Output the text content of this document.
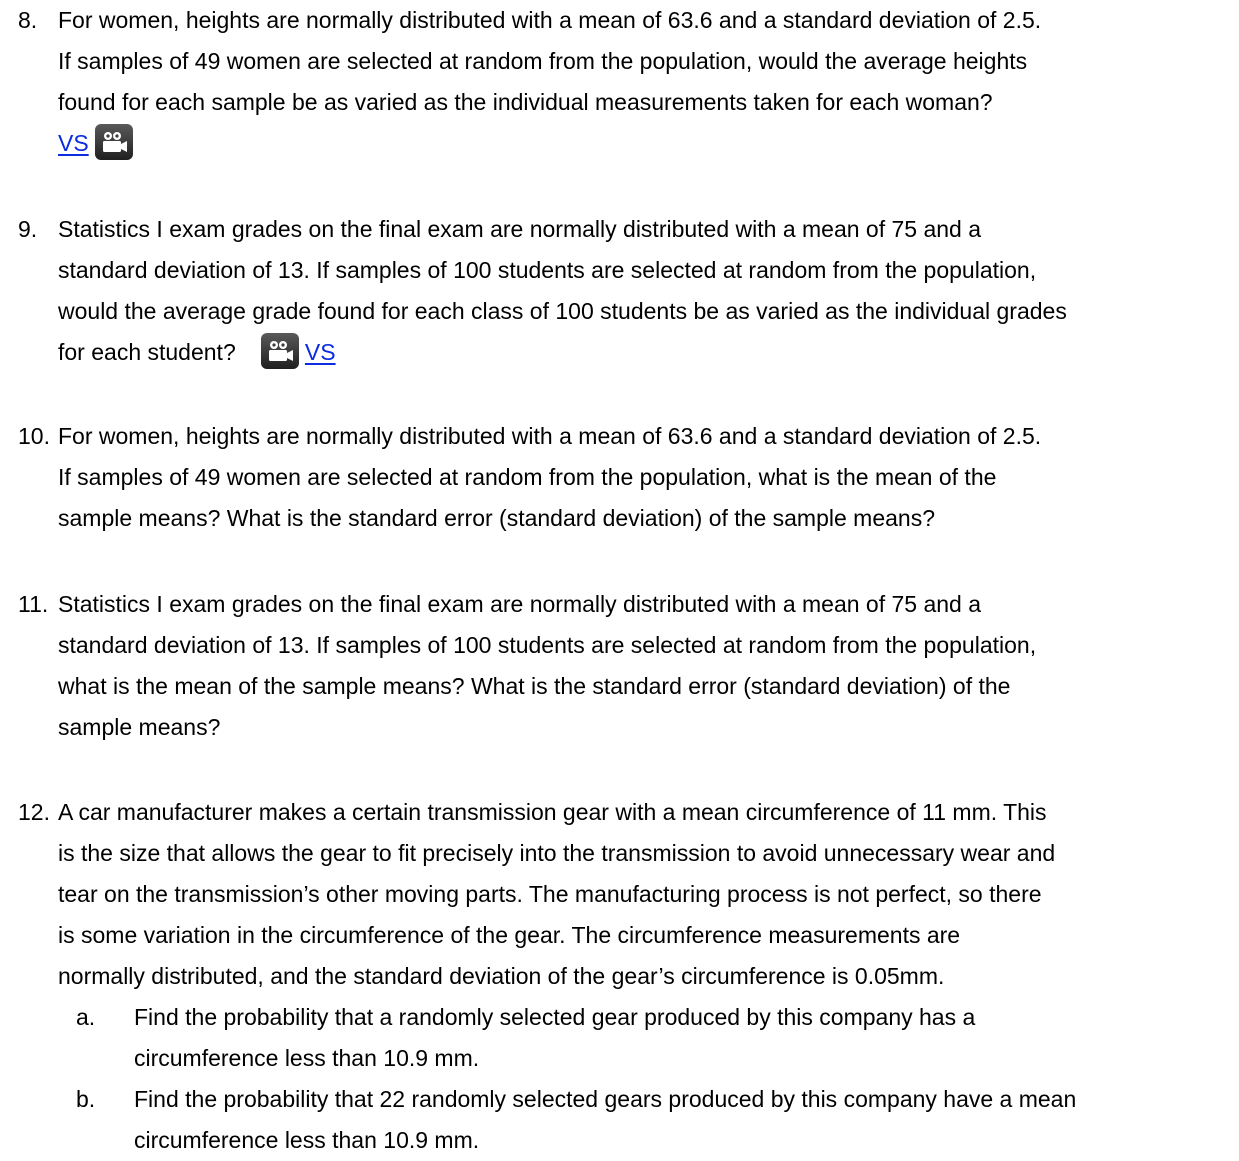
8. For women, heights are normally distributed with a mean of 63.6 and a standard deviation of 2.5.
If samples of 49 women are selected at random from the population, would the average heights
found for each sample be as varied as the individual measurements taken for each woman?
VS
9. Statistics I exam grades on the final exam are normally distributed with a mean of 75 and a
standard deviation of 13. If samples of 100 students are selected at random from the population,
would the average grade found for each class of 100 students be as varied as the individual grades
for each student?	VS
10. For women, heights are normally distributed with a mean of 63.6 and a standard deviation of 2.5.
If samples of 49 women are selected at random from the population, what is the mean of the
sample means? What is the standard error (standard deviation) of the sample means?
11. Statistics I exam grades on the final exam are normally distributed with a mean of 75 and a
standard deviation of 13. If samples of 100 students are selected at random from the population,
what is the mean of the sample means? What is the standard error (standard deviation) of the
sample means?
12. A car manufacturer makes a certain transmission gear with a mean circumference of 11 mm. This
is the size that allows the gear to fit precisely into the transmission to avoid unnecessary wear and
tear on the transmission’s other moving parts. The manufacturing process is not perfect, so there
is some variation in the circumference of the gear. The circumference measurements are
normally distributed, and the standard deviation of the gear’s circumference is 0.05mm.
a. Find the probability that a randomly selected gear produced by this company has a
circumference less than 10.9 mm.
b. Find the probability that 22 randomly selected gears produced by this company have a mean
circumference less than 10.9 mm.
